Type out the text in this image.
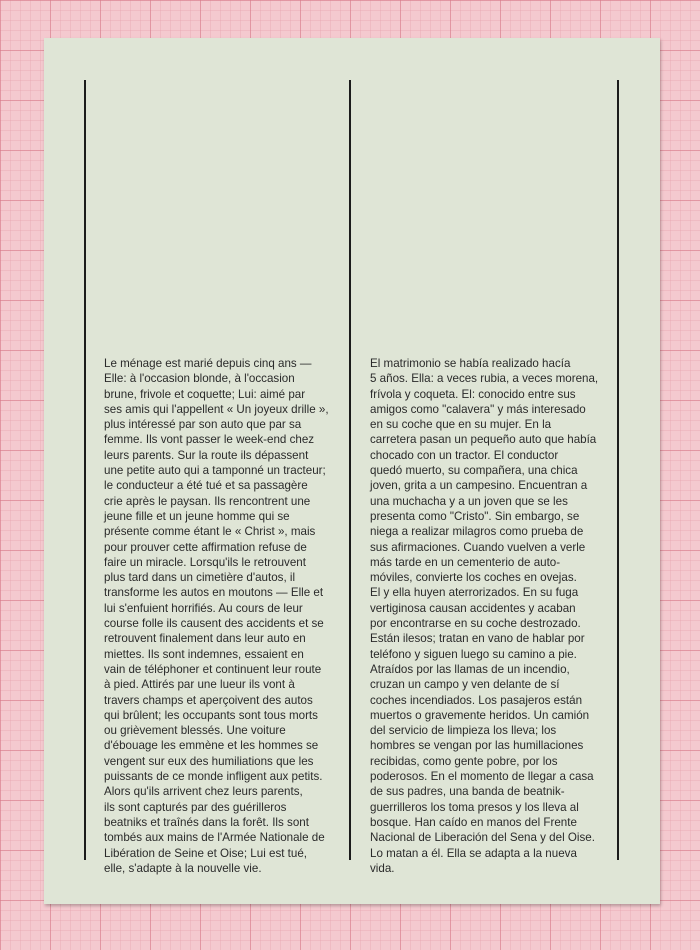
Le ménage est marié depuis cinq ans —
Elle: à l'occasion blonde, à l'occasion
brune, frivole et coquette; Lui: aimé par
ses amis qui l'appellent « Un joyeux drille »,
plus intéressé par son auto que par sa
femme. Ils vont passer le week-end chez
leurs parents. Sur la route ils dépassent
une petite auto qui a tamponné un tracteur;
le conducteur a été tué et sa passagère
crie après le paysan. Ils rencontrent une
jeune fille et un jeune homme qui se
présente comme étant le « Christ », mais
pour prouver cette affirmation refuse de
faire un miracle. Lorsqu'ils le retrouvent
plus tard dans un cimetière d'autos, il
transforme les autos en moutons — Elle et
lui s'enfuient horrifiés. Au cours de leur
course folle ils causent des accidents et se
retrouvent finalement dans leur auto en
miettes. Ils sont indemnes, essaient en
vain de téléphoner et continuent leur route
à pied. Attirés par une lueur ils vont à
travers champs et aperçoivent des autos
qui brûlent; les occupants sont tous morts
ou grièvement blessés. Une voiture
d'ébouage les emmène et les hommes se
vengent sur eux des humiliations que les
puissants de ce monde infligent aux petits.
Alors qu'ils arrivent chez leurs parents,
ils sont capturés par des guérilleros
beatniks et traînés dans la forêt. Ils sont
tombés aux mains de l'Armée Nationale de
Libération de Seine et Oise; Lui est tué,
elle, s'adapte à la nouvelle vie.
El matrimonio se había realizado hacía
5 años. Ella: a veces rubia, a veces morena,
frívola y coqueta. El: conocido entre sus
amigos como "calavera" y más interesado
en su coche que en su mujer. En la
carretera pasan un pequeño auto que había
chocado con un tractor. El conductor
quedó muerto, su compañera, una chica
joven, grita a un campesino. Encuentran a
una muchacha y a un joven que se les
presenta como "Cristo". Sin embargo, se
niega a realizar milagros como prueba de
sus afirmaciones. Cuando vuelven a verle
más tarde en un cementerio de auto-
móviles, convierte los coches en ovejas.
El y ella huyen aterrorizados. En su fuga
vertiginosa causan accidentes y acaban
por encontrarse en su coche destrozado.
Están ilesos; tratan en vano de hablar por
teléfono y siguen luego su camino a pie.
Atraídos por las llamas de un incendio,
cruzan un campo y ven delante de sí
coches incendiados. Los pasajeros están
muertos o gravemente heridos. Un camión
del servicio de limpieza los lleva; los
hombres se vengan por las humillaciones
recibidas, como gente pobre, por los
poderosos. En el momento de llegar a casa
de sus padres, una banda de beatnik-
guerrilleros los toma presos y los lleva al
bosque. Han caído en manos del Frente
Nacional de Liberación del Sena y del Oise.
Lo matan a él. Ella se adapta a la nueva
vida.
